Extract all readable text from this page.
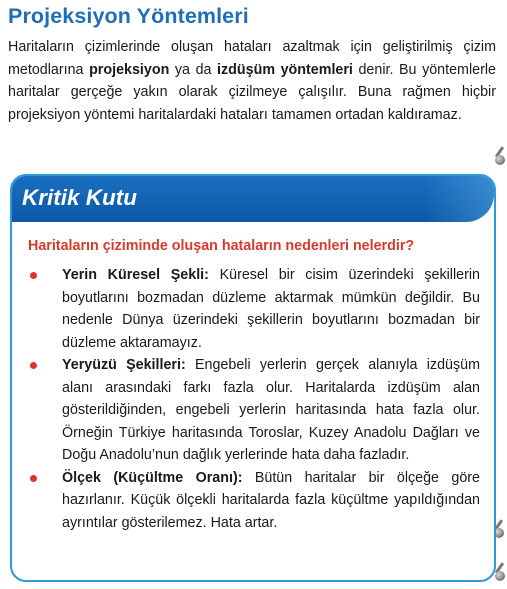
Projeksiyon Yöntemleri
Haritaların çizimlerinde oluşan hataları azaltmak için geliştirilmiş çizim metodlarına projeksiyon ya da izdüşüm yöntemleri denir. Bu yöntemlerle haritalar gerçeğe yakın olarak çizilmeye çalışılır. Buna rağmen hiçbir projeksiyon yöntemi haritalardaki hataları tamamen ortadan kaldıramaz.
Kritik Kutu
Haritaların çiziminde oluşan hataların nedenleri nelerdir?
Yerin Küresel Şekli: Küresel bir cisim üzerindeki şekillerin boyutlarını bozmadan düzleme aktarmak mümkün değildir. Bu nedenle Dünya üzerindeki şekillerin boyutlarını bozmadan bir düzleme aktaramayız.
Yeryüzü Şekilleri: Engebeli yerlerin gerçek alanıyla izdüşüm alanı arasındaki farkı fazla olur. Haritalarda izdüşüm alan gösterildiğinden, engebeli yerlerin haritasında hata fazla olur. Örneğin Türkiye haritasında Toroslar, Kuzey Anadolu Dağları ve Doğu Anadolu’nun dağlık yerlerinde hata daha fazladır.
Ölçek (Küçültme Oranı): Bütün haritalar bir ölçeğe göre hazırlanır. Küçük ölçekli haritalarda fazla küçültme yapıldığından ayrıntılar gösterilemez. Hata artar.
